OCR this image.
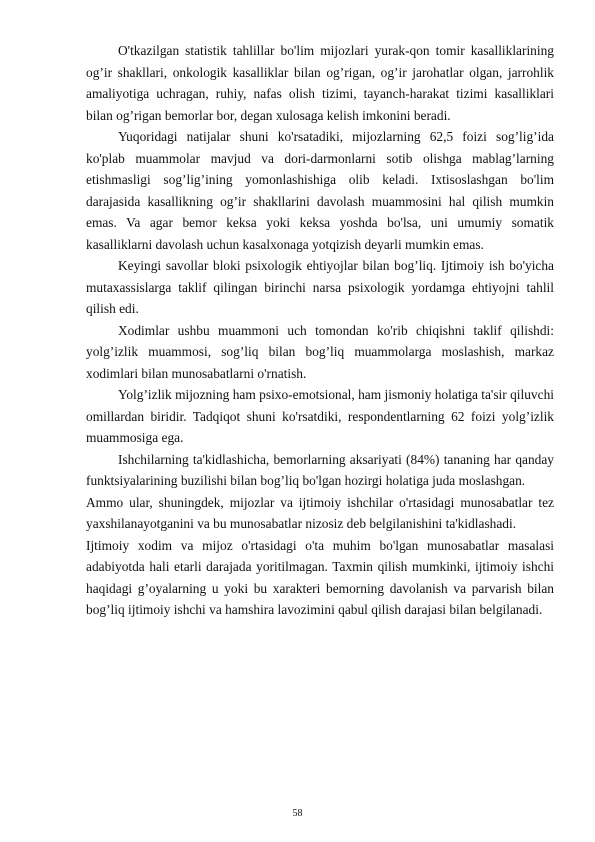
O'tkazilgan statistik tahlillar bo'lim mijozlari yurak-qon tomir kasalliklarining og’ir shakllari, onkologik kasalliklar bilan og’rigan, og’ir jarohatlar olgan, jarrohlik amaliyotiga uchragan, ruhiy, nafas olish tizimi, tayanch-harakat tizimi kasalliklari bilan og’rigan bemorlar bor, degan xulosaga kelish imkonini beradi.

Yuqoridagi natijalar shuni ko'rsatadiki, mijozlarning 62,5 foizi sog’lig’ida ko'plab muammolar mavjud va dori-darmonlarni sotib olishga mablag’larning etishmasligi sog’lig’ining yomonlashishiga olib keladi. Ixtisoslashgan bo'lim darajasida kasallikning og’ir shakllarini davolash muammosini hal qilish mumkin emas. Va agar bemor keksa yoki keksa yoshda bo'lsa, uni umumiy somatik kasalliklarni davolash uchun kasalxonaga yotqizish deyarli mumkin emas.

Keyingi savollar bloki psixologik ehtiyojlar bilan bog’liq. Ijtimoiy ish bo'yicha mutaxassislarga taklif qilingan birinchi narsa psixologik yordamga ehtiyojni tahlil qilish edi.

Xodimlar ushbu muammoni uch tomondan ko'rib chiqishni taklif qilishdi: yolg’izlik muammosi, sog’liq bilan bog’liq muammolarga moslashish, markaz xodimlari bilan munosabatlarni o'rnatish.

Yolg’izlik mijozning ham psixo-emotsional, ham jismoniy holatiga ta'sir qiluvchi omillardan biridir. Tadqiqot shuni ko'rsatdiki, respondentlarning 62 foizi yolg’izlik muammosiga ega.

Ishchilarning ta'kidlashicha, bemorlarning aksariyati (84%) tananing har qanday funktsiyalarining buzilishi bilan bog’liq bo'lgan hozirgi holatiga juda moslashgan.

Ammo ular, shuningdek, mijozlar va ijtimoiy ishchilar o'rtasidagi munosabatlar tez yaxshilanayotganini va bu munosabatlar nizosiz deb belgilanishini ta'kidlashadi.

Ijtimoiy xodim va mijoz o'rtasidagi o'ta muhim bo'lgan munosabatlar masalasi adabiyotda hali etarli darajada yoritilmagan. Taxmin qilish mumkinki, ijtimoiy ishchi haqidagi g’oyalarning u yoki bu xarakteri bemorning davolanish va parvarish bilan bog’liq ijtimoiy ishchi va hamshira lavozimini qabul qilish darajasi bilan belgilanadi.

58
